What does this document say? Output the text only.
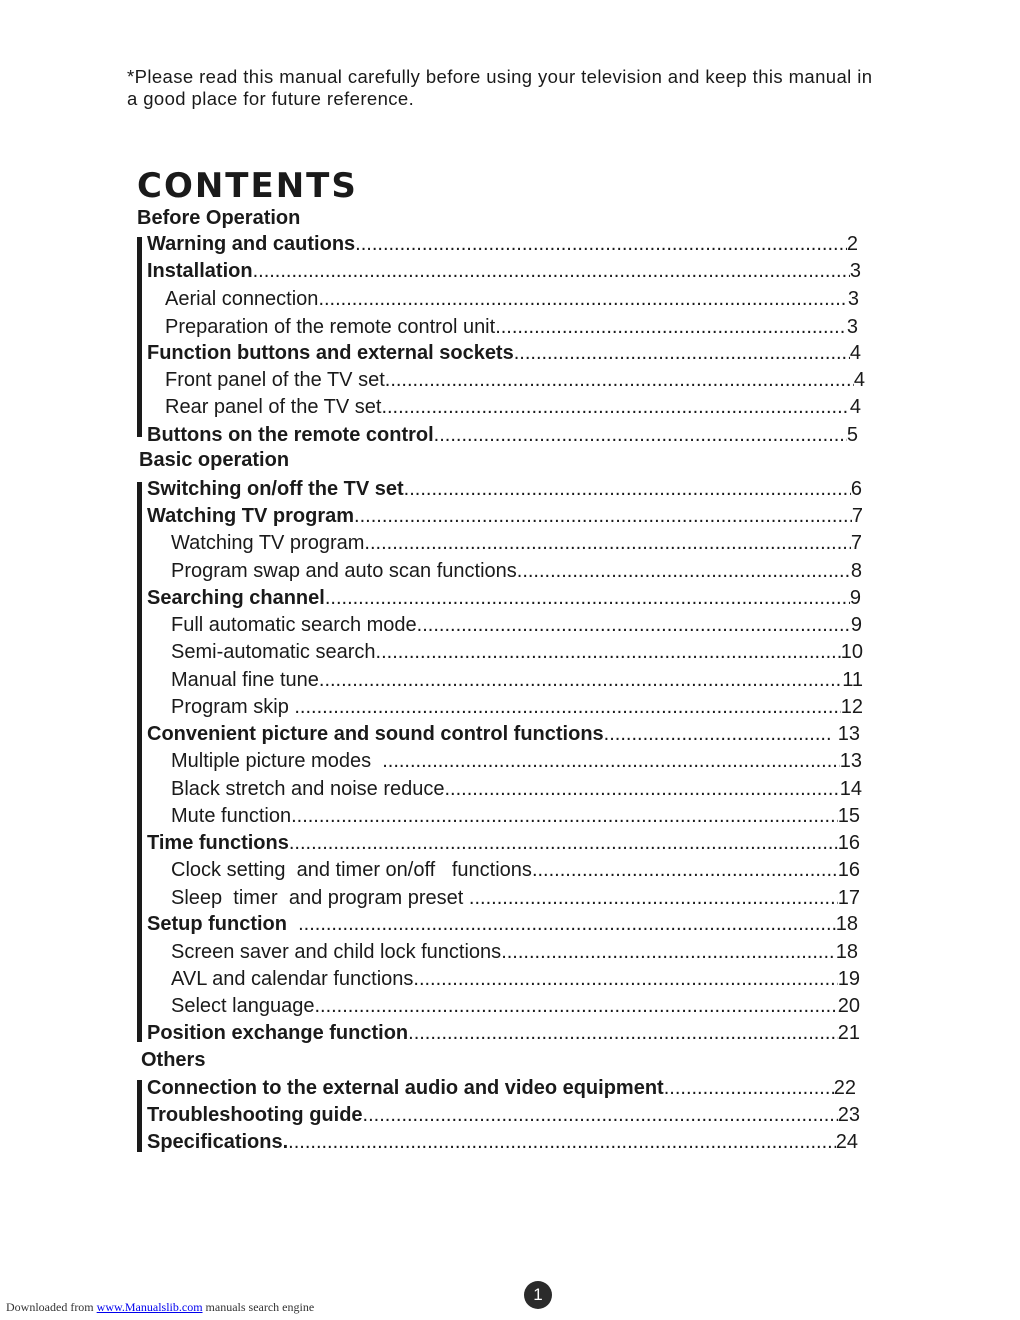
*Please read this manual carefully before using your television and keep this manual in a good place for future reference.

CONTENTS
Before Operation
Warning and cautions .....	2
Installation .....	3
Aerial connection .....	3
Preparation of the remote control unit .....	3
Function buttons and external sockets .....	4
Front panel of the TV set .....	4
Rear panel of the TV set .....	4
Buttons on the remote control .....	5
Basic operation
Switching on/off the TV set .....	6
Watching TV program .....	7
Watching TV program .....	7
Program swap and auto scan functions .....	8
Searching channel .....	9
Full automatic search mode .....	9
Semi-automatic search .....	10
Manual fine tune .....	11
Program skip .....	12
Convenient picture and sound control functions .....	13
Multiple picture modes .....	13
Black stretch and noise reduce .....	14
Mute function .....	15
Time functions .....	16
Clock setting  and timer on/off   functions .....	16
Sleep  timer  and program preset .....	17
Setup function .....	18
Screen saver and child lock functions .....	18
AVL and calendar functions .....	19
Select language .....	20
Position exchange function .....	21
Others
Connection to the external audio and video equipment .....	22
Troubleshooting guide .....	23
Specifications. .....	24
Downloaded from www.Manualslib.com manuals search engine
1
